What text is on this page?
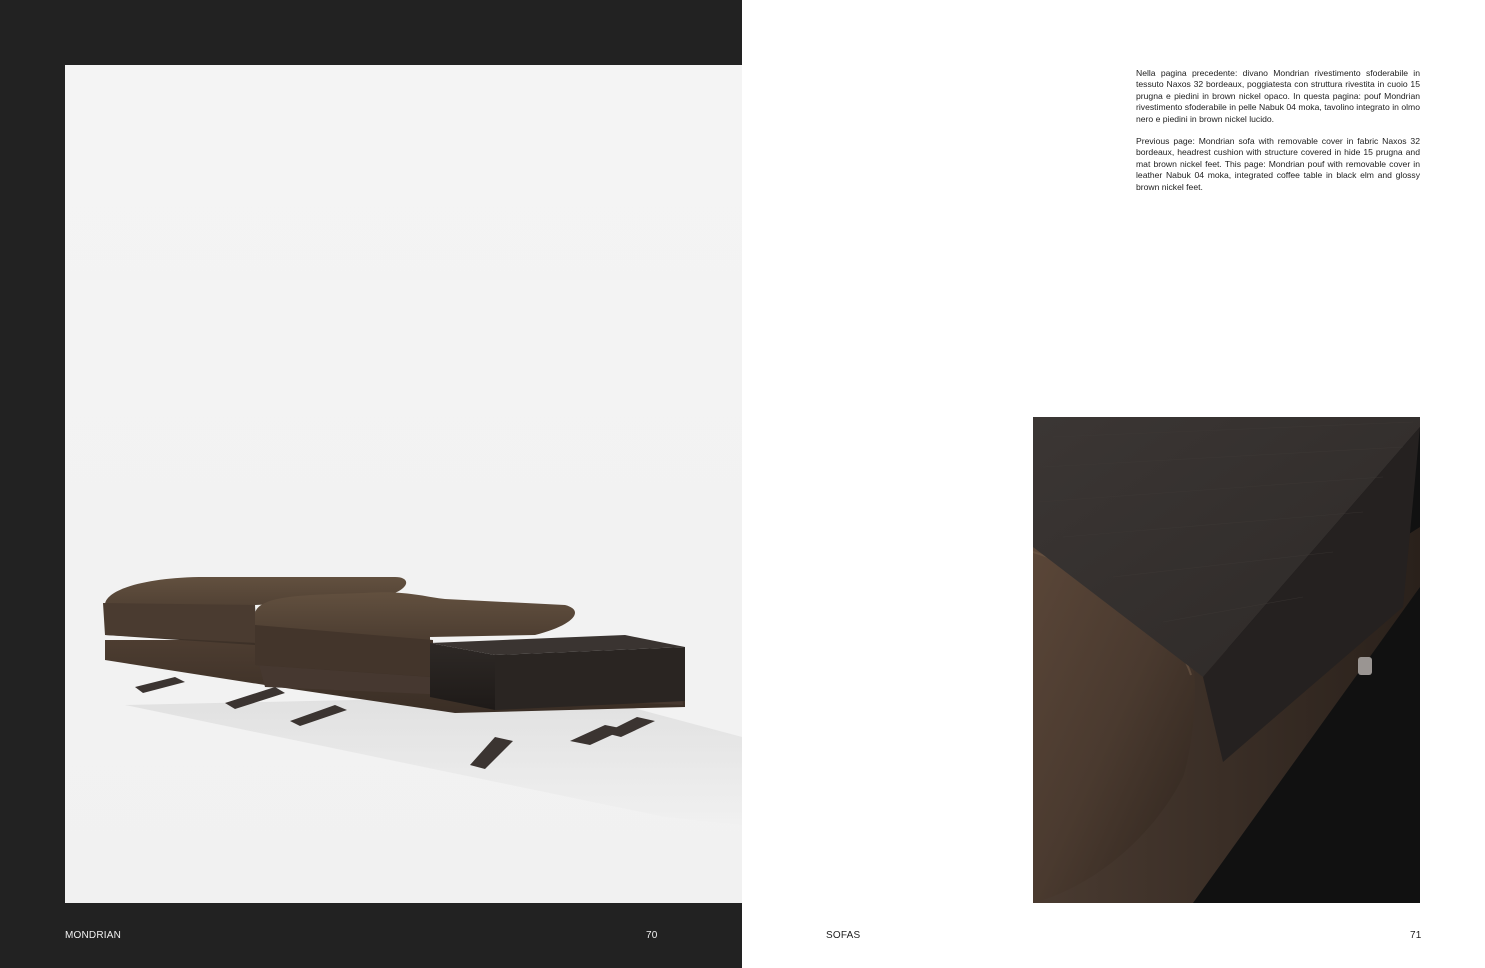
Nella pagina precedente: divano Mondrian rivestimento sfoderabile in tessuto Naxos 32 bordeaux, poggiatesta con struttura rivestita in cuoio 15 prugna e piedini in brown nickel opaco. In questa pagina: pouf Mondrian rivestimento sfoderabile in pelle Nabuk 04 moka, tavolino integrato in olmo nero e piedini in brown nickel lucido.

Previous page: Mondrian sofa with removable cover in fabric Naxos 32 bordeaux, headrest cushion with structure covered in hide 15 prugna and mat brown nickel feet. This page: Mondrian pouf with removable cover in leather Nabuk 04 moka, integrated coffee table in black elm and glossy brown nickel feet.

MONDRIAN	70	SOFAS	71
